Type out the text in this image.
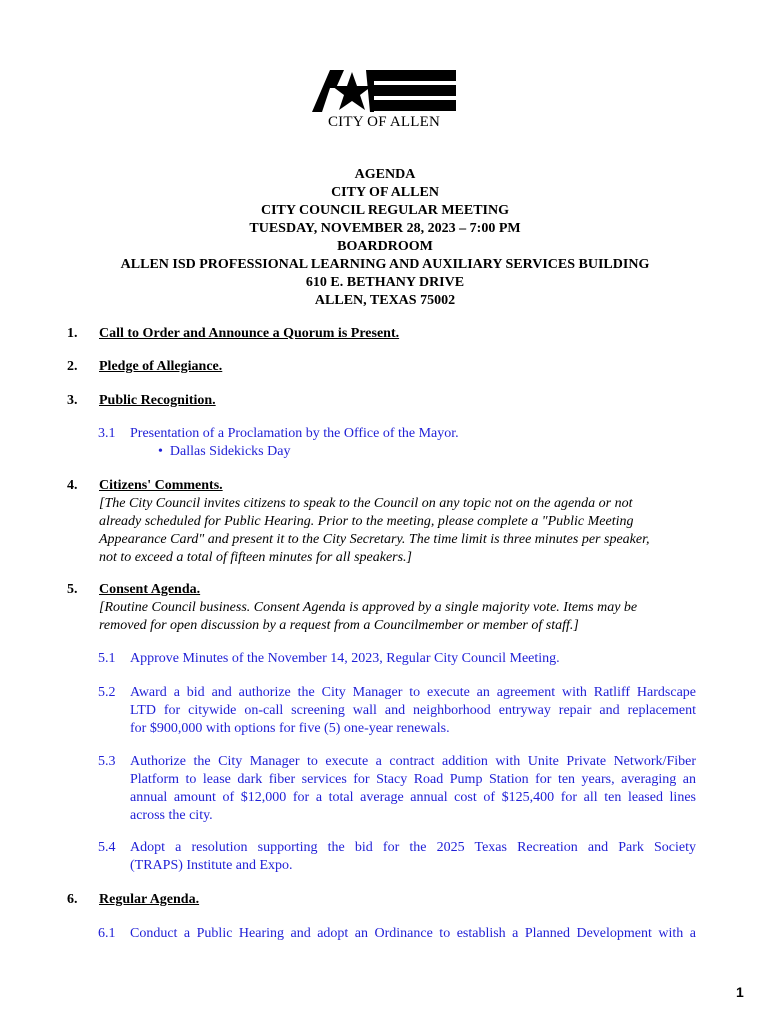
CITY OF ALLEN
AGENDA
CITY OF ALLEN
CITY COUNCIL REGULAR MEETING
TUESDAY, NOVEMBER 28, 2023 – 7:00 PM
BOARDROOM
ALLEN ISD PROFESSIONAL LEARNING AND AUXILIARY SERVICES BUILDING
610 E. BETHANY DRIVE
ALLEN, TEXAS 75002
1. Call to Order and Announce a Quorum is Present.
2. Pledge of Allegiance.
3. Public Recognition.
3.1 Presentation of a Proclamation by the Office of the Mayor.
•  Dallas Sidekicks Day
4. Citizens' Comments.
[The City Council invites citizens to speak to the Council on any topic not on the agenda or not
already scheduled for Public Hearing. Prior to the meeting, please complete a "Public Meeting
Appearance Card" and present it to the City Secretary. The time limit is three minutes per speaker,
not to exceed a total of fifteen minutes for all speakers.]
5. Consent Agenda.
[Routine Council business. Consent Agenda is approved by a single majority vote. Items may be
removed for open discussion by a request from a Councilmember or member of staff.]
5.1 Approve Minutes of the November 14, 2023, Regular City Council Meeting.
5.2 Award a bid and authorize the City Manager to execute an agreement with Ratliff Hardscape
LTD for citywide on-call screening wall and neighborhood entryway repair and replacement
for $900,000 with options for five (5) one-year renewals.
5.3 Authorize the City Manager to execute a contract addition with Unite Private Network/Fiber
Platform to lease dark fiber services for Stacy Road Pump Station for ten years, averaging an
annual amount of $12,000 for a total average annual cost of $125,400 for all ten leased lines
across the city.
5.4 Adopt a resolution supporting the bid for the 2025 Texas Recreation and Park Society
(TRAPS) Institute and Expo.
6. Regular Agenda.
6.1 Conduct a Public Hearing and adopt an Ordinance to establish a Planned Development with a
1
